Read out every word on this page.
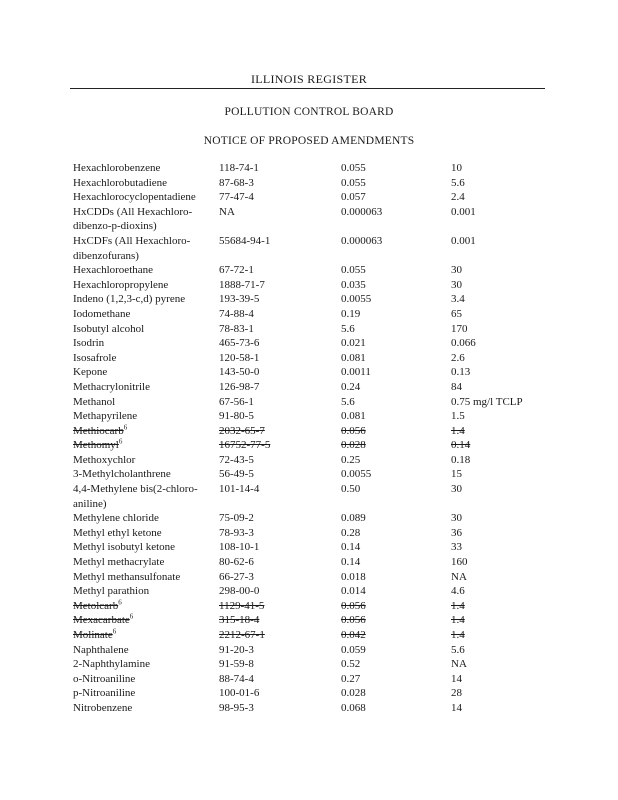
ILLINOIS REGISTER
POLLUTION CONTROL BOARD
NOTICE OF PROPOSED AMENDMENTS
Hexachlorobenzene	118-74-1	0.055	10
Hexachlorobutadiene	87-68-3	0.055	5.6
Hexachlorocyclopentadiene	77-47-4	0.057	2.4
HxCDDs (All Hexachloro-dibenzo-p-dioxins)	NA	0.000063	0.001
HxCDFs (All Hexachloro-dibenzofurans)	55684-94-1	0.000063	0.001
Hexachloroethane	67-72-1	0.055	30
Hexachloropropylene	1888-71-7	0.035	30
Indeno (1,2,3-c,d) pyrene	193-39-5	0.0055	3.4
Iodomethane	74-88-4	0.19	65
Isobutyl alcohol	78-83-1	5.6	170
Isodrin	465-73-6	0.021	0.066
Isosafrole	120-58-1	0.081	2.6
Kepone	143-50-0	0.0011	0.13
Methacrylonitrile	126-98-7	0.24	84
Methanol	67-56-1	5.6	0.75 mg/l TCLP
Methapyrilene	91-80-5	0.081	1.5
Methiocarb$^6$	2032-65-7	0.056	1.4
Methomyl$^6$	16752-77-5	0.028	0.14
Methoxychlor	72-43-5	0.25	0.18
3-Methylcholanthrene	56-49-5	0.0055	15
4,4-Methylene bis(2-chloro-aniline)	101-14-4	0.50	30
Methylene chloride	75-09-2	0.089	30
Methyl ethyl ketone	78-93-3	0.28	36
Methyl isobutyl ketone	108-10-1	0.14	33
Methyl methacrylate	80-62-6	0.14	160
Methyl methansulfonate	66-27-3	0.018	NA
Methyl parathion	298-00-0	0.014	4.6
Metolcarb$^6$	1129-41-5	0.056	1.4
Mexacarbate$^6$	315-18-4	0.056	1.4
Molinate$^6$	2212-67-1	0.042	1.4
Naphthalene	91-20-3	0.059	5.6
2-Naphthylamine	91-59-8	0.52	NA
o-Nitroaniline	88-74-4	0.27	14
p-Nitroaniline	100-01-6	0.028	28
Nitrobenzene	98-95-3	0.068	14
